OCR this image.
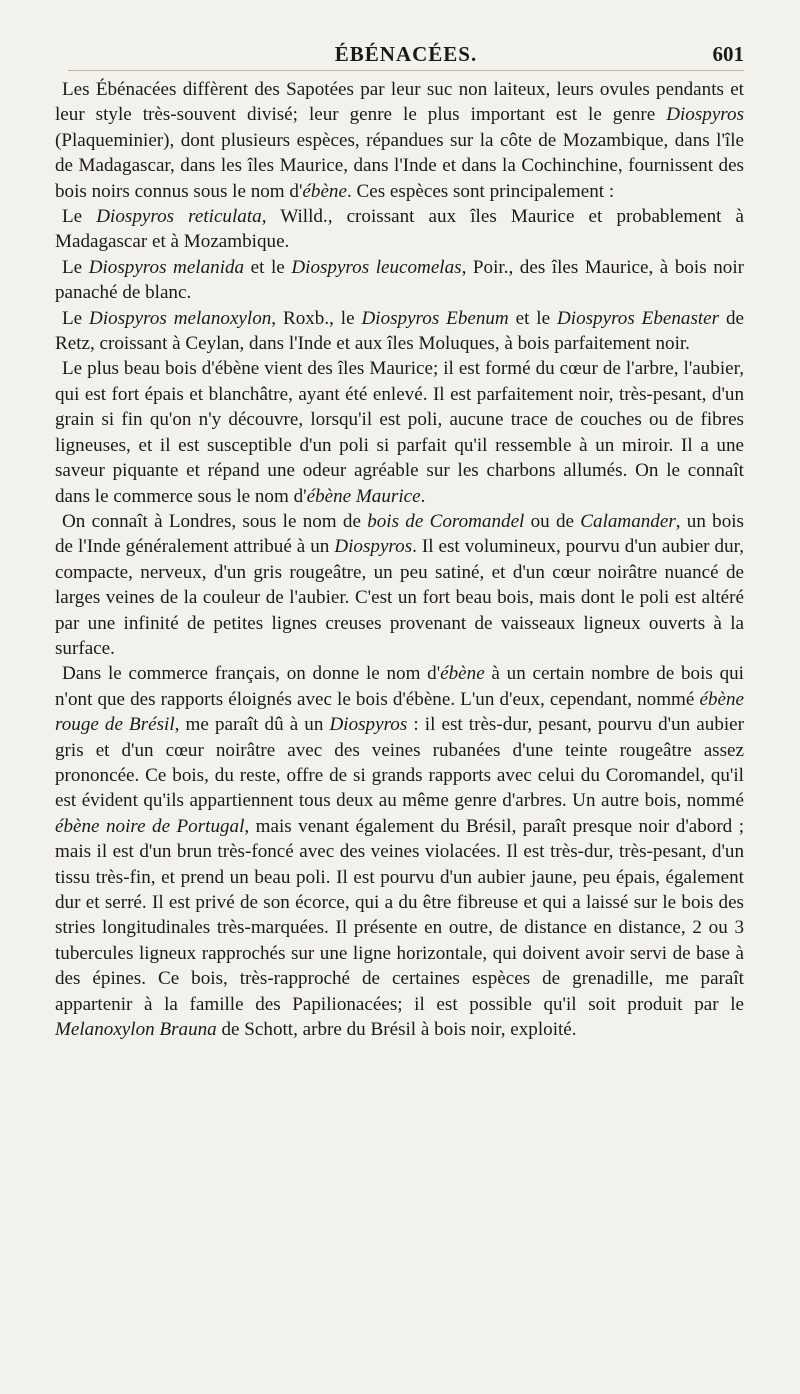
ÉBÉNACÉES.	601

Les Ébénacées diffèrent des Sapotées par leur suc non laiteux, leurs ovules pendants et leur style très-souvent divisé; leur genre le plus important est le genre Diospyros (Plaqueminier), dont plusieurs espèces, répandues sur la côte de Mozambique, dans l'île de Madagascar, dans les îles Maurice, dans l'Inde et dans la Cochinchine, fournissent des bois noirs connus sous le nom d'ébène. Ces espèces sont principalement :

Le Diospyros reticulata, Willd., croissant aux îles Maurice et probablement à Madagascar et à Mozambique.

Le Diospyros melanida et le Diospyros leucomelas, Poir., des îles Maurice, à bois noir panaché de blanc.

Le Diospyros melanoxylon, Roxb., le Diospyros Ebenum et le Diospyros Ebenaster de Retz, croissant à Ceylan, dans l'Inde et aux îles Moluques, à bois parfaitement noir.

Le plus beau bois d'ébène vient des îles Maurice; il est formé du cœur de l'arbre, l'aubier, qui est fort épais et blanchâtre, ayant été enlevé. Il est parfaitement noir, très-pesant, d'un grain si fin qu'on n'y découvre, lorsqu'il est poli, aucune trace de couches ou de fibres ligneuses, et il est susceptible d'un poli si parfait qu'il ressemble à un miroir. Il a une saveur piquante et répand une odeur agréable sur les charbons allumés. On le connaît dans le commerce sous le nom d'ébène Maurice.

On connaît à Londres, sous le nom de bois de Coromandel ou de Calamander, un bois de l'Inde généralement attribué à un Diospyros. Il est volumineux, pourvu d'un aubier dur, compacte, nerveux, d'un gris rougeâtre, un peu satiné, et d'un cœur noirâtre nuancé de larges veines de la couleur de l'aubier. C'est un fort beau bois, mais dont le poli est altéré par une infinité de petites lignes creuses provenant de vaisseaux ligneux ouverts à la surface.

Dans le commerce français, on donne le nom d'ébène à un certain nombre de bois qui n'ont que des rapports éloignés avec le bois d'ébène. L'un d'eux, cependant, nommé ébène rouge de Brésil, me paraît dû à un Diospyros : il est très-dur, pesant, pourvu d'un aubier gris et d'un cœur noirâtre avec des veines rubanées d'une teinte rougeâtre assez prononcée. Ce bois, du reste, offre de si grands rapports avec celui du Coromandel, qu'il est évident qu'ils appartiennent tous deux au même genre d'arbres. Un autre bois, nommé ébène noire de Portugal, mais venant également du Brésil, paraît presque noir d'abord ; mais il est d'un brun très-foncé avec des veines violacées. Il est très-dur, très-pesant, d'un tissu très-fin, et prend un beau poli. Il est pourvu d'un aubier jaune, peu épais, également dur et serré. Il est privé de son écorce, qui a du être fibreuse et qui a laissé sur le bois des stries longitudinales très-marquées. Il présente en outre, de distance en distance, 2 ou 3 tubercules ligneux rapprochés sur une ligne horizontale, qui doivent avoir servi de base à des épines. Ce bois, très-rapproché de certaines espèces de grenadille, me paraît appartenir à la famille des Papilionacées; il est possible qu'il soit produit par le Melanoxylon Brauna de Schott, arbre du Brésil à bois noir, exploité.
